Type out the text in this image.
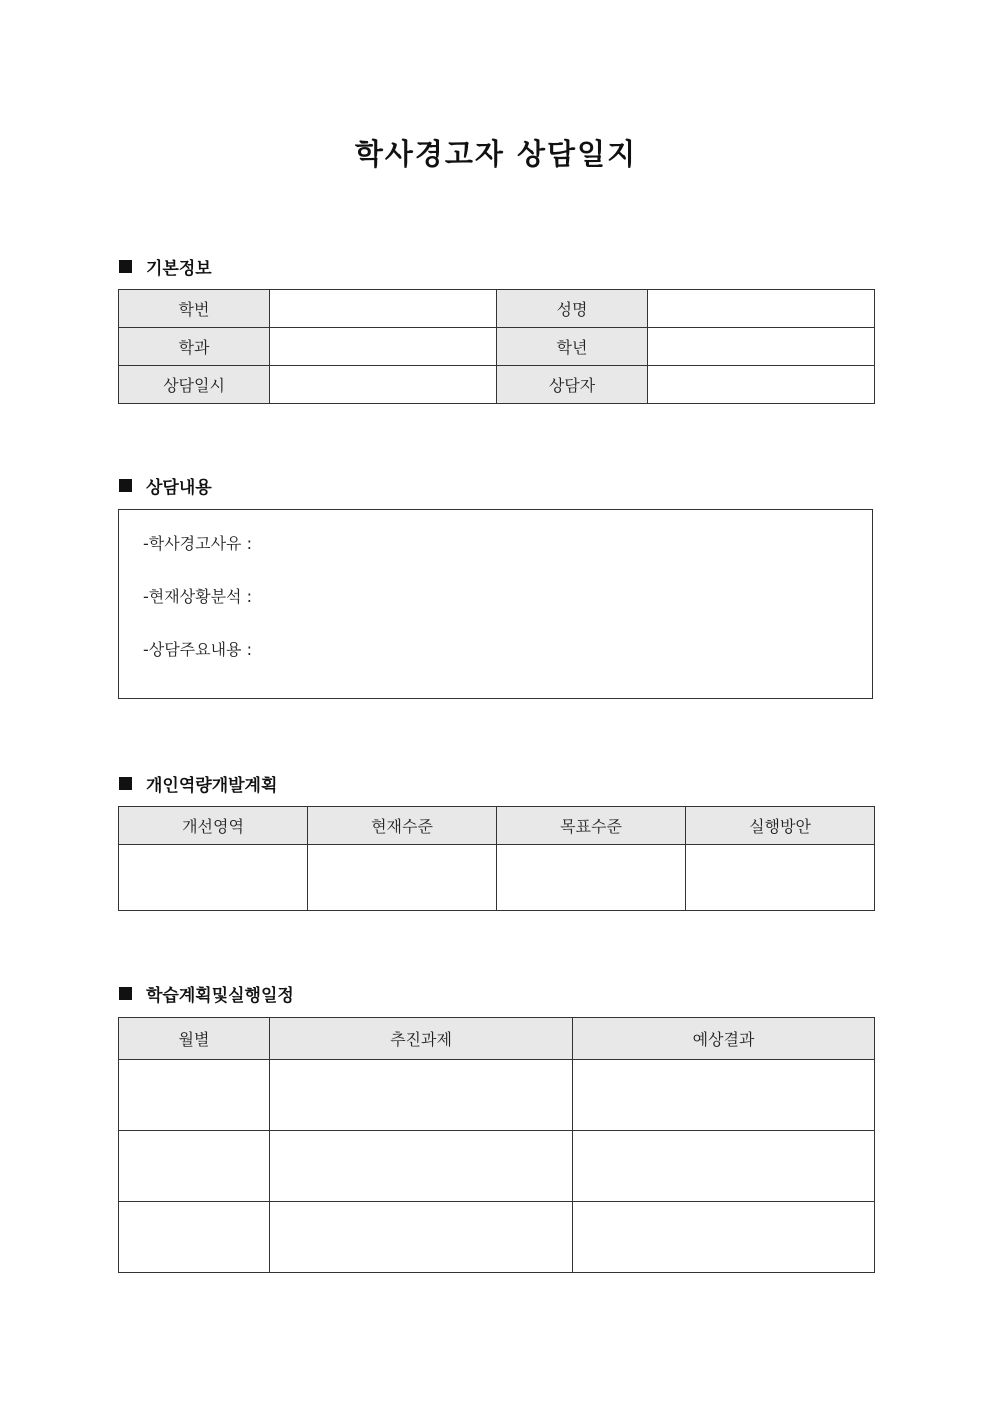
학사경고자 상담일지
기본정보
학번		성명	
학과		학년	
상담일시		상담자	
상담내용
-학사경고사유 :
-현재상황분석 :
-상담주요내용 :
개인역량개발계획
개선영역	현재수준	목표수준	실행방안

학습계획및실행일정
월별	추진과제	예상결과
